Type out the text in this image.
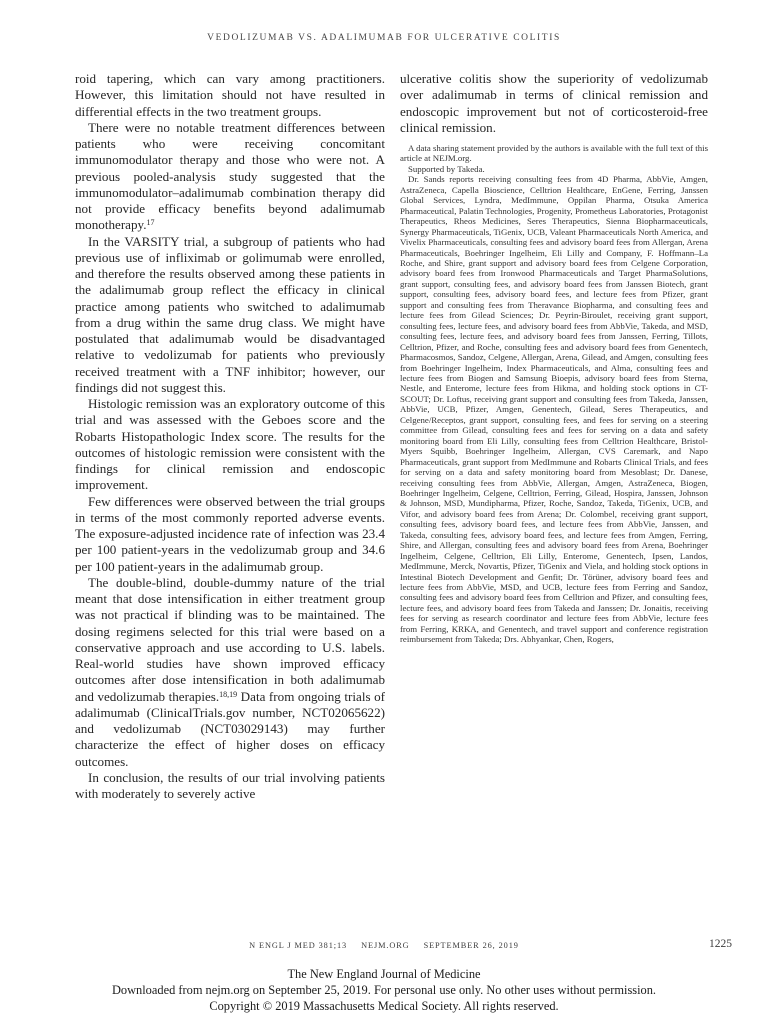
VEDOLIZUMAB VS. ADALIMUMAB FOR ULCERATIVE COLITIS

roid tapering, which can vary among practitioners. However, this limitation should not have resulted in differential effects in the two treatment groups.

There were no notable treatment differences between patients who were receiving concomitant immunomodulator therapy and those who were not. A previous pooled-analysis study suggested that the immunomodulator–adalimumab combination therapy did not provide efficacy benefits beyond adalimumab monotherapy.$^{17}$

In the VARSITY trial, a subgroup of patients who had previous use of infliximab or golimumab were enrolled, and therefore the results observed among these patients in the adalimumab group reflect the efficacy in clinical practice among patients who switched to adalimumab from a drug within the same drug class. We might have postulated that adalimumab would be disadvantaged relative to vedolizumab for patients who previously received treatment with a TNF inhibitor; however, our findings did not suggest this.

Histologic remission was an exploratory outcome of this trial and was assessed with the Geboes score and the Robarts Histopathologic Index score. The results for the outcomes of histologic remission were consistent with the findings for clinical remission and endoscopic improvement.

Few differences were observed between the trial groups in terms of the most commonly reported adverse events. The exposure-adjusted incidence rate of infection was 23.4 per 100 patient-years in the vedolizumab group and 34.6 per 100 patient-years in the adalimumab group.

The double-blind, double-dummy nature of the trial meant that dose intensification in either treatment group was not practical if blinding was to be maintained. The dosing regimens selected for this trial were based on a conservative approach and use according to U.S. labels. Real-world studies have shown improved efficacy outcomes after dose intensification in both adalimumab and vedolizumab therapies.$^{18,19}$ Data from ongoing trials of adalimumab (ClinicalTrials.gov number, NCT02065622) and vedolizumab (NCT03029143) may further characterize the effect of higher doses on efficacy outcomes.

In conclusion, the results of our trial involving patients with moderately to severely active

ulcerative colitis show the superiority of vedolizumab over adalimumab in terms of clinical remission and endoscopic improvement but not of corticosteroid-free clinical remission.

A data sharing statement provided by the authors is available with the full text of this article at NEJM.org.

Supported by Takeda.

Dr. Sands reports receiving consulting fees from 4D Pharma, AbbVie, Amgen, AstraZeneca, Capella Bioscience, Celltrion Healthcare, EnGene, Ferring, Janssen Global Services, Lyndra, MedImmune, Oppilan Pharma, Otsuka America Pharmaceutical, Palatin Technologies, Progenity, Prometheus Laboratories, Protagonist Therapeutics, Rheos Medicines, Seres Therapeutics, Sienna Biopharmaceuticals, Synergy Pharmaceuticals, TiGenix, UCB, Valeant Pharmaceuticals North America, and Vivelix Pharmaceuticals, consulting fees and advisory board fees from Allergan, Arena Pharmaceuticals, Boehringer Ingelheim, Eli Lilly and Company, F. Hoffmann–La Roche, and Shire, grant support and advisory board fees from Celgene Corporation, advisory board fees from Ironwood Pharmaceuticals and Target PharmaSolutions, grant support, consulting fees, and advisory board fees from Janssen Biotech, grant support, consulting fees, advisory board fees, and lecture fees from Pfizer, grant support and consulting fees from Theravance Biopharma, and consulting fees and lecture fees from Gilead Sciences; Dr. Peyrin-Biroulet, receiving grant support, consulting fees, lecture fees, and advisory board fees from AbbVie, Takeda, and MSD, consulting fees, lecture fees, and advisory board fees from Janssen, Ferring, Tillots, Celltrion, Pfizer, and Roche, consulting fees and advisory board fees from Genentech, Pharmacosmos, Sandoz, Celgene, Allergan, Arena, Gilead, and Amgen, consulting fees from Boehringer Ingelheim, Index Pharmaceuticals, and Alma, consulting fees and lecture fees from Biogen and Samsung Bioepis, advisory board fees from Sterna, Nestle, and Enterome, lecture fees from Hikma, and holding stock options in CT-SCOUT; Dr. Loftus, receiving grant support and consulting fees from Takeda, Janssen, AbbVie, UCB, Pfizer, Amgen, Genentech, Gilead, Seres Therapeutics, and Celgene/Receptos, grant support, consulting fees, and fees for serving on a steering committee from Gilead, consulting fees and fees for serving on a data and safety monitoring board from Eli Lilly, consulting fees from Celltrion Healthcare, Bristol-Myers Squibb, Boehringer Ingelheim, Allergan, CVS Caremark, and Napo Pharmaceuticals, grant support from MedImmune and Robarts Clinical Trials, and fees for serving on a data and safety monitoring board from Mesoblast; Dr. Danese, receiving consulting fees from AbbVie, Allergan, Amgen, AstraZeneca, Biogen, Boehringer Ingelheim, Celgene, Celltrion, Ferring, Gilead, Hospira, Janssen, Johnson & Johnson, MSD, Mundipharma, Pfizer, Roche, Sandoz, Takeda, TiGenix, UCB, and Vifor, and advisory board fees from Arena; Dr. Colombel, receiving grant support, consulting fees, advisory board fees, and lecture fees from AbbVie, Janssen, and Takeda, consulting fees, advisory board fees, and lecture fees from Amgen, Ferring, Shire, and Allergan, consulting fees and advisory board fees from Arena, Boehringer Ingelheim, Celgene, Celltrion, Eli Lilly, Enterome, Genentech, Ipsen, Landos, MedImmune, Merck, Novartis, Pfizer, TiGenix and Viela, and holding stock options in Intestinal Biotech Development and Genfit; Dr. Törüner, advisory board fees and lecture fees from AbbVie, MSD, and UCB, lecture fees from Ferring and Sandoz, consulting fees and advisory board fees from Celltrion and Pfizer, and consulting fees, lecture fees, and advisory board fees from Takeda and Janssen; Dr. Jonaitis, receiving fees for serving as research coordinator and lecture fees from AbbVie, lecture fees from Ferring, KRKA, and Genentech, and travel support and conference registration reimbursement from Takeda; Drs. Abhyankar, Chen, Rogers,

N ENGL J MED 381;13 NEJM.ORG SEPTEMBER 26, 2019	1225
The New England Journal of Medicine
Downloaded from nejm.org on September 25, 2019. For personal use only. No other uses without permission.
Copyright © 2019 Massachusetts Medical Society. All rights reserved.
